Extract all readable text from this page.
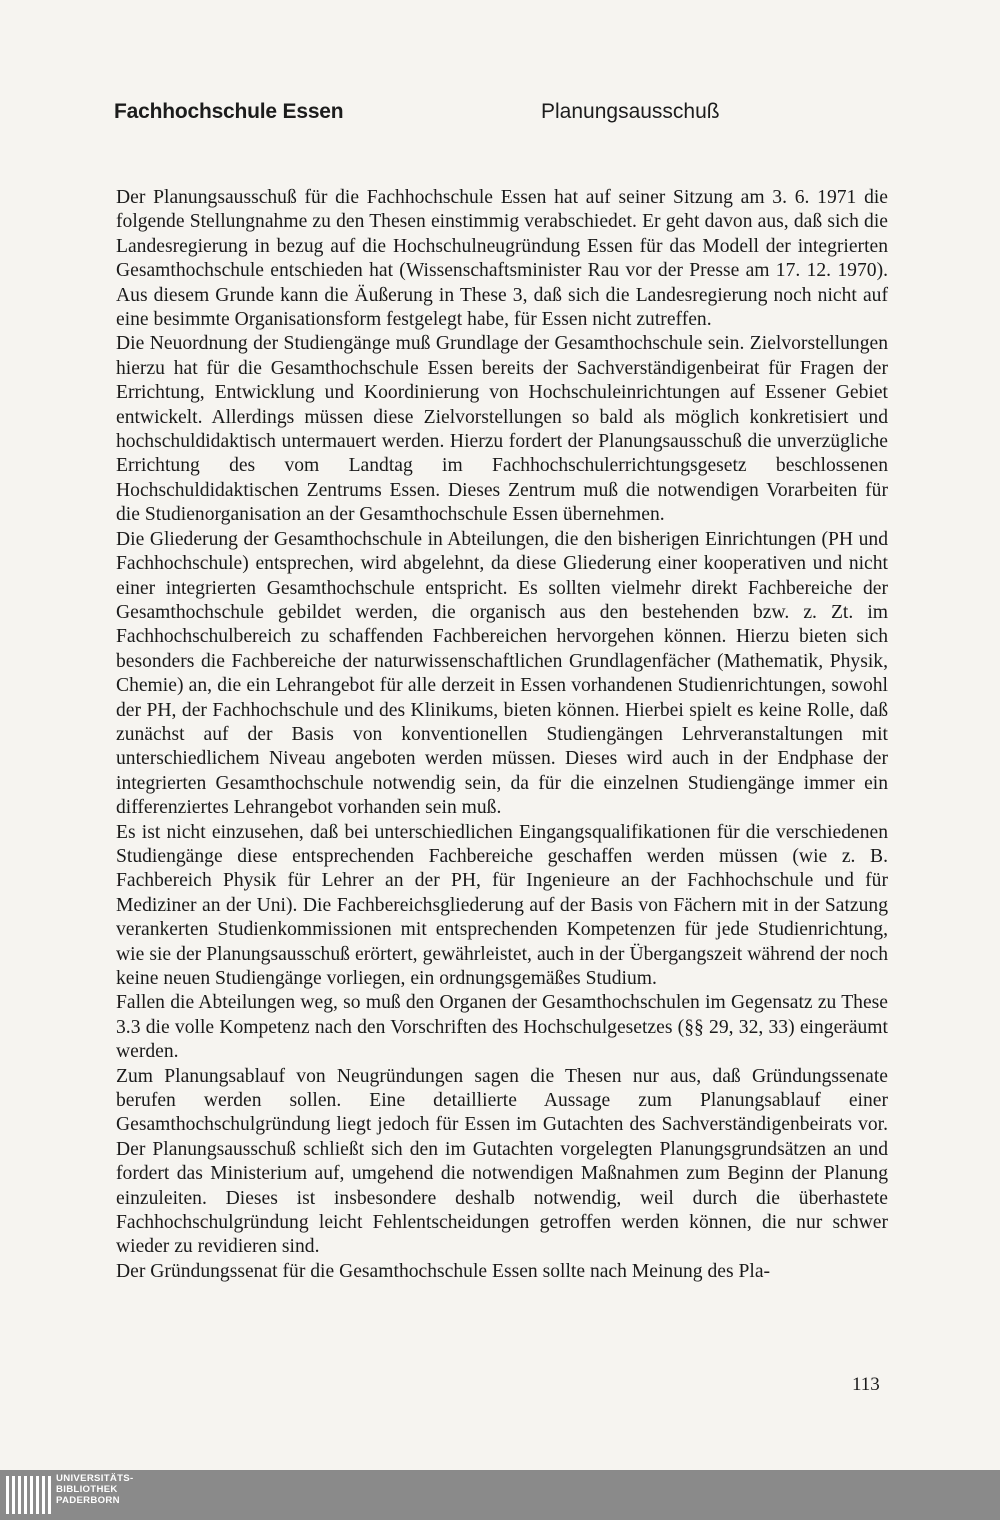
Fachhochschule Essen	Planungsausschuß

Der Planungsausschuß für die Fachhochschule Essen hat auf seiner Sitzung am 3. 6. 1971 die folgende Stellungnahme zu den Thesen einstimmig verabschiedet. Er geht davon aus, daß sich die Landesregierung in bezug auf die Hochschulneugründung Essen für das Modell der integrierten Gesamthochschule entschieden hat (Wissenschaftsminister Rau vor der Presse am 17. 12. 1970). Aus diesem Grunde kann die Äußerung in These 3, daß sich die Landesregierung noch nicht auf eine besimmte Organisationsform festgelegt habe, für Essen nicht zutreffen.

Die Neuordnung der Studiengänge muß Grundlage der Gesamthochschule sein. Zielvorstellungen hierzu hat für die Gesamthochschule Essen bereits der Sachverständigenbeirat für Fragen der Errichtung, Entwicklung und Koordinierung von Hochschuleinrichtungen auf Essener Gebiet entwickelt. Allerdings müssen diese Zielvorstellungen so bald als möglich konkretisiert und hochschuldidaktisch untermauert werden. Hierzu fordert der Planungsausschuß die unverzügliche Errichtung des vom Landtag im Fachhochschulerrichtungsgesetz beschlossenen Hochschuldidaktischen Zentrums Essen. Dieses Zentrum muß die notwendigen Vorarbeiten für die Studienorganisation an der Gesamthochschule Essen übernehmen.

Die Gliederung der Gesamthochschule in Abteilungen, die den bisherigen Einrichtungen (PH und Fachhochschule) entsprechen, wird abgelehnt, da diese Gliederung einer kooperativen und nicht einer integrierten Gesamthochschule entspricht. Es sollten vielmehr direkt Fachbereiche der Gesamthochschule gebildet werden, die organisch aus den bestehenden bzw. z. Zt. im Fachhochschulbereich zu schaffenden Fachbereichen hervorgehen können. Hierzu bieten sich besonders die Fachbereiche der naturwissenschaftlichen Grundlagenfächer (Mathematik, Physik, Chemie) an, die ein Lehrangebot für alle derzeit in Essen vorhandenen Studienrichtungen, sowohl der PH, der Fachhochschule und des Klinikums, bieten können. Hierbei spielt es keine Rolle, daß zunächst auf der Basis von konventionellen Studiengängen Lehrveranstaltungen mit unterschiedlichem Niveau angeboten werden müssen. Dieses wird auch in der Endphase der integrierten Gesamthochschule notwendig sein, da für die einzelnen Studiengänge immer ein differenziertes Lehrangebot vorhanden sein muß.

Es ist nicht einzusehen, daß bei unterschiedlichen Eingangsqualifikationen für die verschiedenen Studiengänge diese entsprechenden Fachbereiche geschaffen werden müssen (wie z. B. Fachbereich Physik für Lehrer an der PH, für Ingenieure an der Fachhochschule und für Mediziner an der Uni). Die Fachbereichsgliederung auf der Basis von Fächern mit in der Satzung verankerten Studienkommissionen mit entsprechenden Kompetenzen für jede Studienrichtung, wie sie der Planungsausschuß erörtert, gewährleistet, auch in der Übergangszeit während der noch keine neuen Studiengänge vorliegen, ein ordnungsgemäßes Studium.

Fallen die Abteilungen weg, so muß den Organen der Gesamthochschulen im Gegensatz zu These 3.3 die volle Kompetenz nach den Vorschriften des Hochschulgesetzes (§§ 29, 32, 33) eingeräumt werden.

Zum Planungsablauf von Neugründungen sagen die Thesen nur aus, daß Gründungssenate berufen werden sollen. Eine detaillierte Aussage zum Planungsablauf einer Gesamthochschulgründung liegt jedoch für Essen im Gutachten des Sachverständigenbeirats vor. Der Planungsausschuß schließt sich den im Gutachten vorgelegten Planungsgrundsätzen an und fordert das Ministerium auf, umgehend die notwendigen Maßnahmen zum Beginn der Planung einzuleiten. Dieses ist insbesondere deshalb notwendig, weil durch die überhastete Fachhochschulgründung leicht Fehlentscheidungen getroffen werden können, die nur schwer wieder zu revidieren sind.

Der Gründungssenat für die Gesamthochschule Essen sollte nach Meinung des Pla-

113
UNIVERSITÄTS-
BIBLIOTHEK
PADERBORN
